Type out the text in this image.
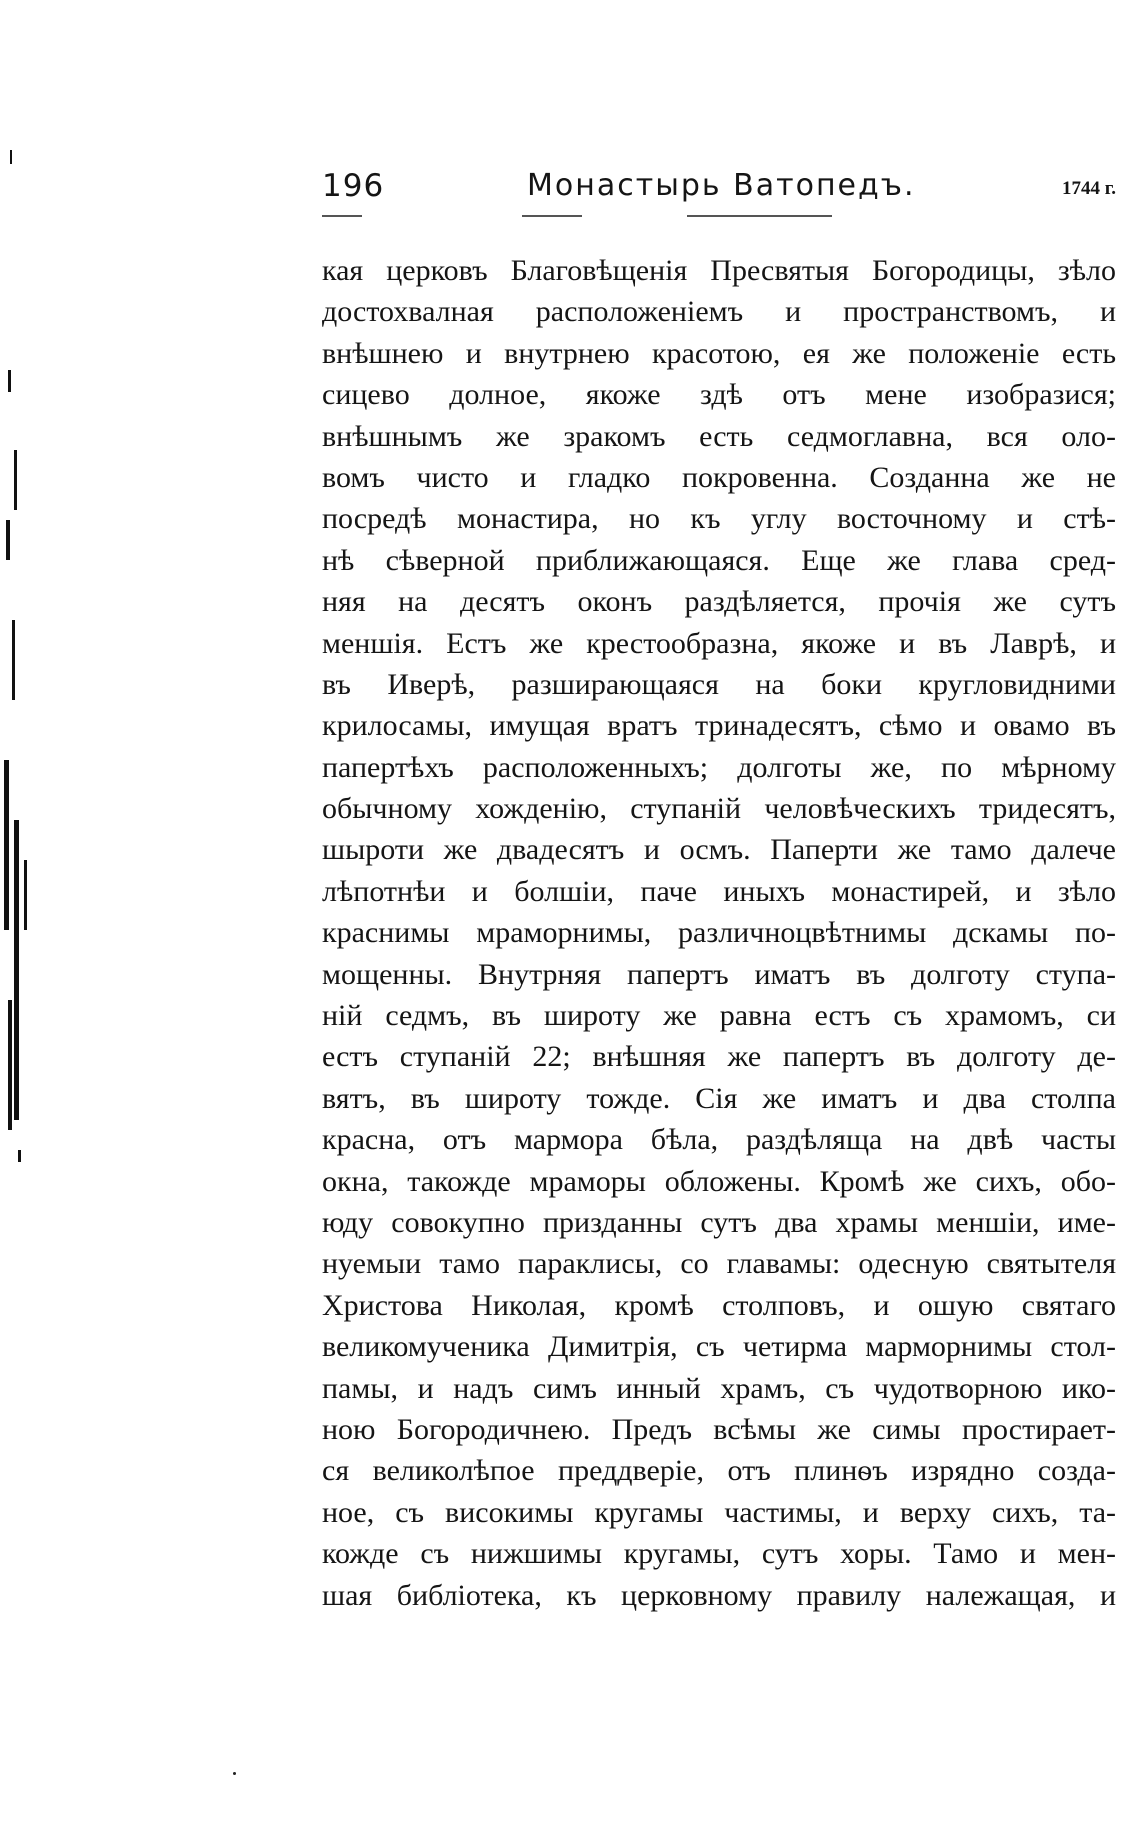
196	Монастырь Ватопедъ.	1744 г.
кая церковъ Благовѣщенія Пресвятыя Богородицы, зѣло
достохвалная расположеніемъ и пространствомъ, и
внѣшнею и внутрнею красотою, ея же положеніе есть
сицево долное, якоже здѣ отъ мене изобразися;
внѣшнымъ же зракомъ есть седмоглавна, вся оло-
вомъ чисто и гладко покровенна. Созданна же не
посредѣ монастира, но къ углу восточному и стѣ-
нѣ сѣверной приближающаяся. Еще же глава сред-
няя на десятъ оконъ раздѣляется, прочія же сутъ
менші͏я. Естъ же крестообразна, якоже и въ Лаврѣ, и
въ Иверѣ, разширающаяся на боки кругловидними
крилосамы, имущая вратъ тринадесятъ, сѣмо и овамо въ
папертѣхъ расположенныхъ; долготы же, по мѣрному
обычному хожденію, ступаній человѣческихъ тридесятъ,
шыроти же двадесятъ и осмъ. Паперти же тамо далече
лѣпотнѣи и болшіи, паче иныхъ монастирей, и зѣло
краснимы мраморнимы, различноцвѣтнимы дскамы по-
мощенны. Внутрняя папертъ иматъ въ долготу ступа-
ній седмъ, въ широту же равна естъ съ храмомъ, си
естъ ступаній 22; внѣшняя же папертъ въ долготу де-
вятъ, въ широту тожде. Сія же иматъ и два столпа
красна, отъ мармора бѣла, раздѣляща на двѣ часты
окна, такожде мраморы обложены. Кромѣ же сихъ, обо-
юду совокупно призданны сутъ два храмы меншіи, име-
нуемыи тамо параклисы, со главамы: одесную святытеля
Христова Николая, кромѣ столповъ, и ошую святаго
великомученика Димитрія, съ четирма марморнимы стол-
памы, и надъ симъ инный храмъ, съ чудотворною ико-
ною Богородичнею. Предъ всѣмы же симы простирает-
ся великолѣпое преддверіе, отъ плинѳъ изрядно созда-
ное, съ високимы кругамы частимы, и верху сихъ, та-
кожде съ нижшимы кругамы, сутъ хоры. Тамо и мен-
шая библіотека, къ церковному правилу належащая, и
